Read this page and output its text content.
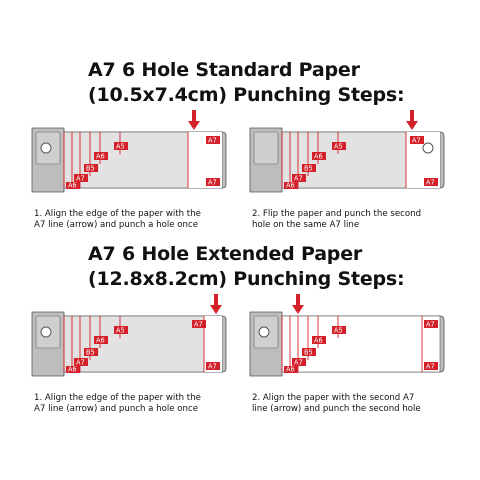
A7 6 Hole Standard Paper
(10.5x7.4cm) Punching Steps:
A5
A6
B5
A7
A6
A7
A7
A5
A6
B5
A7
A6
A7
A7
1. Align the edge of the paper with the
A7 line (arrow) and punch a hole once
2. Flip the paper and punch the second
hole on the same A7 line
A7 6 Hole Extended Paper
(12.8x8.2cm) Punching Steps:
A5
A6
B5
A7
A6
A7
A7
A5
A6
B5
A7
A6
A7
A7
1. Align the edge of the paper with the
A7 line (arrow) and punch a hole once
2. Align the paper with the second A7
line (arrow) and punch the second hole
